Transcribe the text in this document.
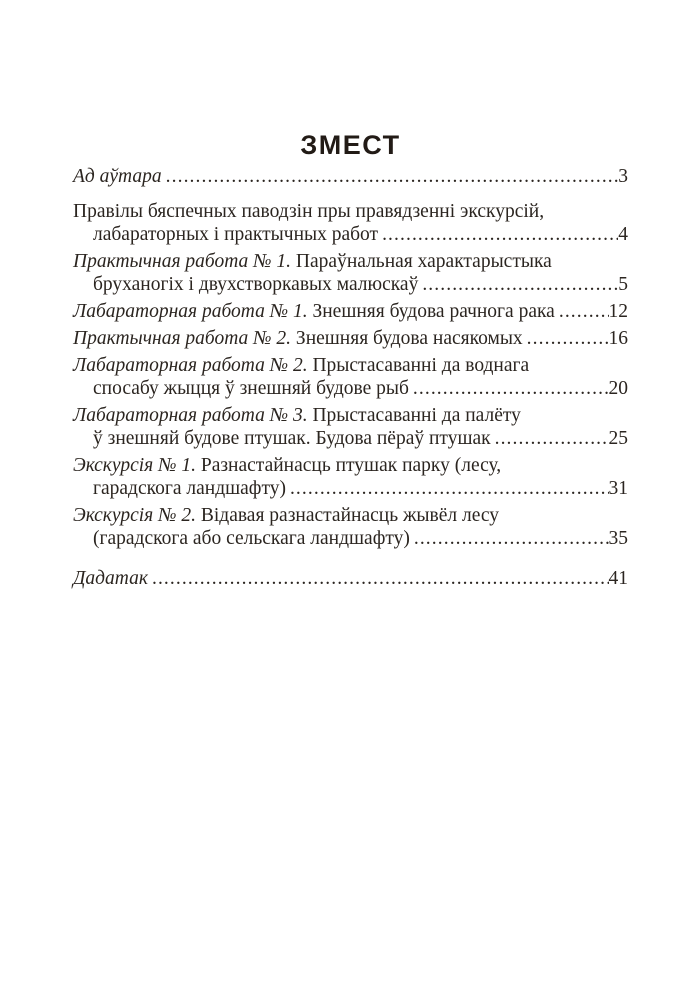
ЗМЕСТ
Ад аўтара .....	3
Правілы бяспечных паводзін пры правядзенні экскурсій,
лабараторных і практычных работ .....	4
Практычная работа № 1. Параўнальная характарыстыка
бруханогіх і двухстворкавых малюскаў .....	5
Лабараторная работа № 1. Знешняя будова рачнога рака .....	12
Практычная работа № 2. Знешняя будова насякомых .....	16
Лабараторная работа № 2. Прыстасаванні да воднага
спосабу жыцця ў знешняй будове рыб .....	20
Лабараторная работа № 3. Прыстасаванні да палёту
ў знешняй будове птушак. Будова пёраў птушак .....	25
Экскурсія № 1. Разнастайнасць птушак парку (лесу,
гарадскога ландшафту) .....	31
Экскурсія № 2. Відавая разнастайнасць жывёл лесу
(гарадскога або сельскага ландшафту) .....	35
Дадатак .....	41
